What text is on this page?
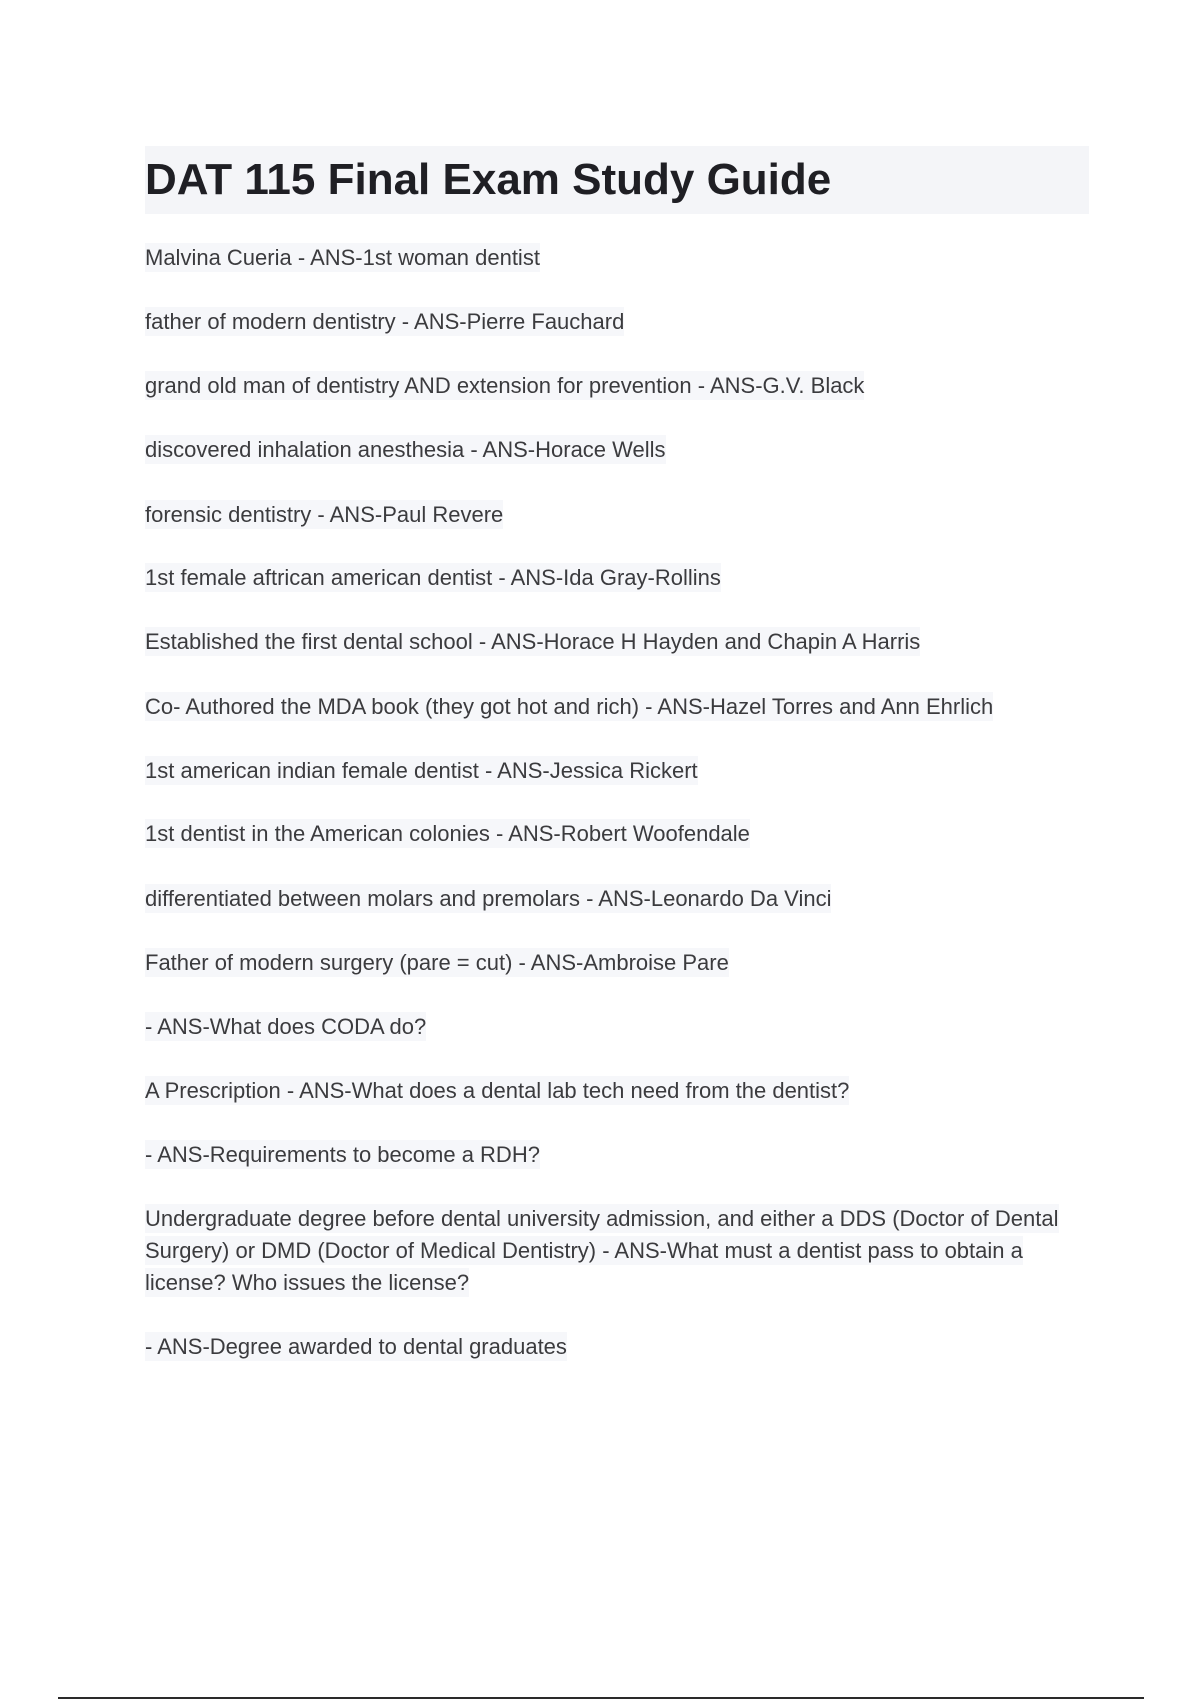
DAT 115 Final Exam Study Guide
Malvina Cueria - ANS-1st woman dentist
father of modern dentistry - ANS-Pierre Fauchard
grand old man of dentistry AND extension for prevention - ANS-G.V. Black
discovered inhalation anesthesia - ANS-Horace Wells
forensic dentistry - ANS-Paul Revere
1st female aftrican american dentist - ANS-Ida Gray-Rollins
Established the first dental school - ANS-Horace H Hayden and Chapin A Harris
Co- Authored the MDA book (they got hot and rich) - ANS-Hazel Torres and Ann Ehrlich
1st american indian female dentist - ANS-Jessica Rickert
1st dentist in the American colonies - ANS-Robert Woofendale
differentiated between molars and premolars - ANS-Leonardo Da Vinci
Father of modern surgery (pare = cut) - ANS-Ambroise Pare
- ANS-What does CODA do?
A Prescription - ANS-What does a dental lab tech need from the dentist?
- ANS-Requirements to become a RDH?
Undergraduate degree before dental university admission, and either a DDS (Doctor of Dental Surgery) or DMD (Doctor of Medical Dentistry) - ANS-What must a dentist pass to obtain a license? Who issues the license?
- ANS-Degree awarded to dental graduates
